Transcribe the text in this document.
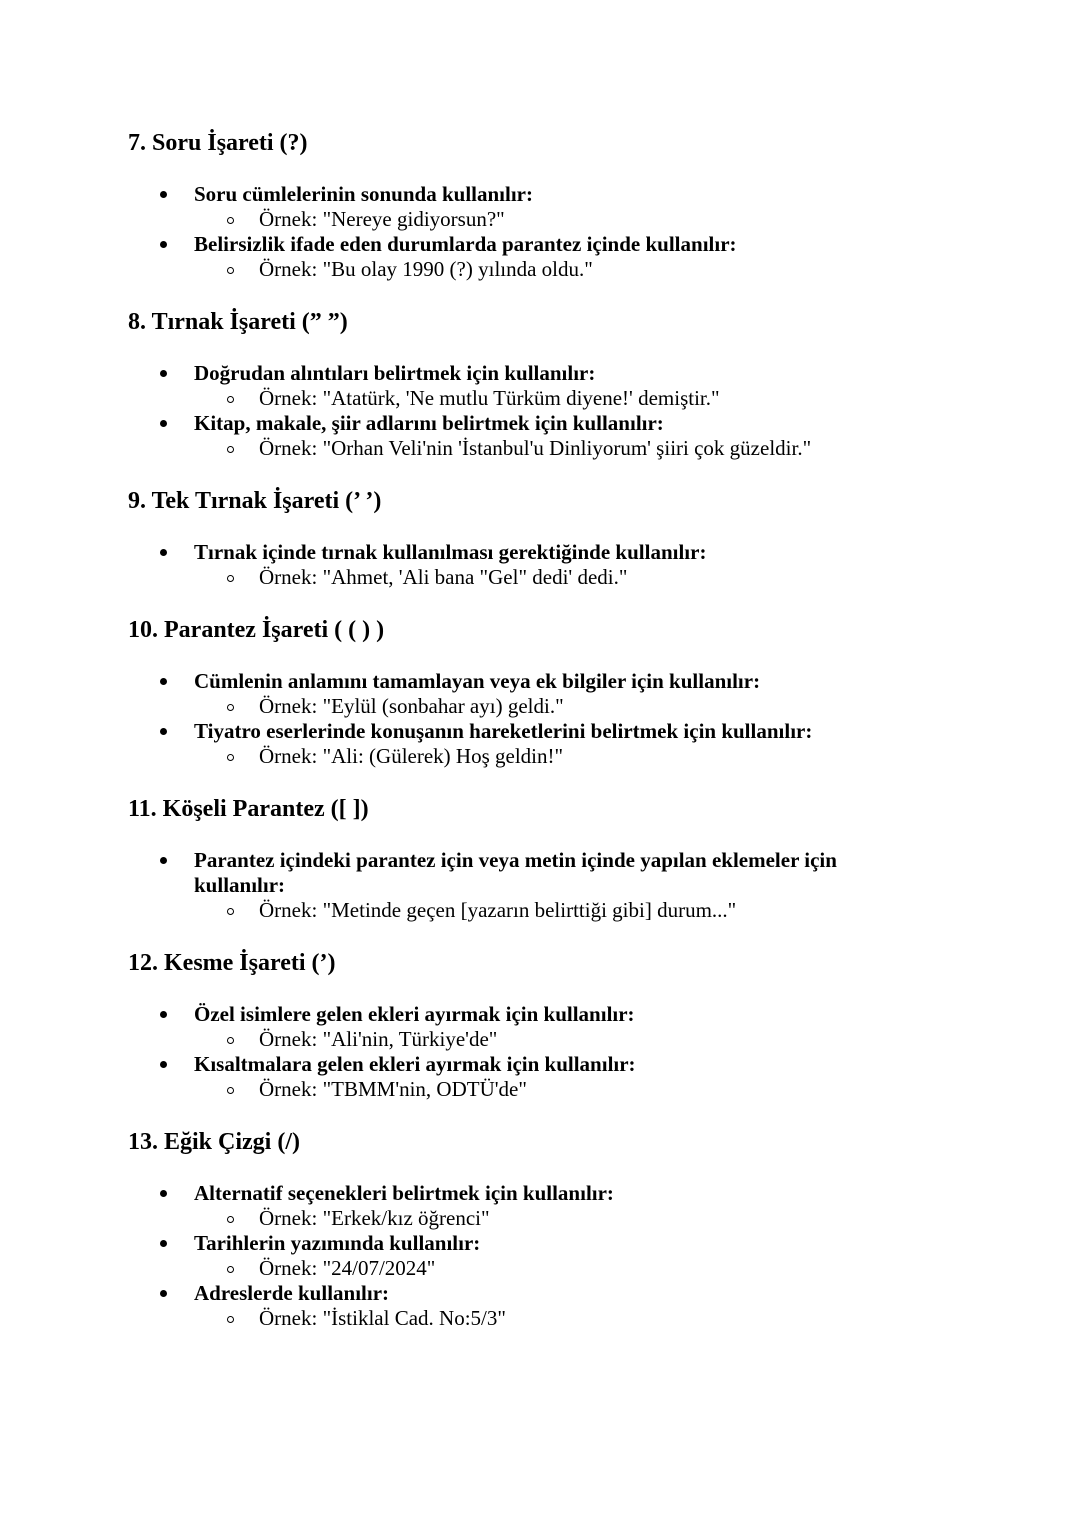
7. Soru İşareti (?)
Soru cümlelerinin sonunda kullanılır:
Örnek: "Nereye gidiyorsun?"
Belirsizlik ifade eden durumlarda parantez içinde kullanılır:
Örnek: "Bu olay 1990 (?) yılında oldu."
8. Tırnak İşareti (” ”)
Doğrudan alıntıları belirtmek için kullanılır:
Örnek: "Atatürk, 'Ne mutlu Türküm diyene!' demiştir."
Kitap, makale, şiir adlarını belirtmek için kullanılır:
Örnek: "Orhan Veli'nin 'İstanbul'u Dinliyorum' şiiri çok güzeldir."
9. Tek Tırnak İşareti (’ ’)
Tırnak içinde tırnak kullanılması gerektiğinde kullanılır:
Örnek: "Ahmet, 'Ali bana "Gel" dedi' dedi."
10. Parantez İşareti ( ( ) )
Cümlenin anlamını tamamlayan veya ek bilgiler için kullanılır:
Örnek: "Eylül (sonbahar ayı) geldi."
Tiyatro eserlerinde konuşanın hareketlerini belirtmek için kullanılır:
Örnek: "Ali: (Gülerek) Hoş geldin!"
11. Köşeli Parantez ([ ])
Parantez içindeki parantez için veya metin içinde yapılan eklemeler için kullanılır:
Örnek: "Metinde geçen [yazarın belirttiği gibi] durum..."
12. Kesme İşareti (’)
Özel isimlere gelen ekleri ayırmak için kullanılır:
Örnek: "Ali'nin, Türkiye'de"
Kısaltmalara gelen ekleri ayırmak için kullanılır:
Örnek: "TBMM'nin, ODTÜ'de"
13. Eğik Çizgi (/)
Alternatif seçenekleri belirtmek için kullanılır:
Örnek: "Erkek/kız öğrenci"
Tarihlerin yazımında kullanılır:
Örnek: "24/07/2024"
Adreslerde kullanılır:
Örnek: "İstiklal Cad. No:5/3"
